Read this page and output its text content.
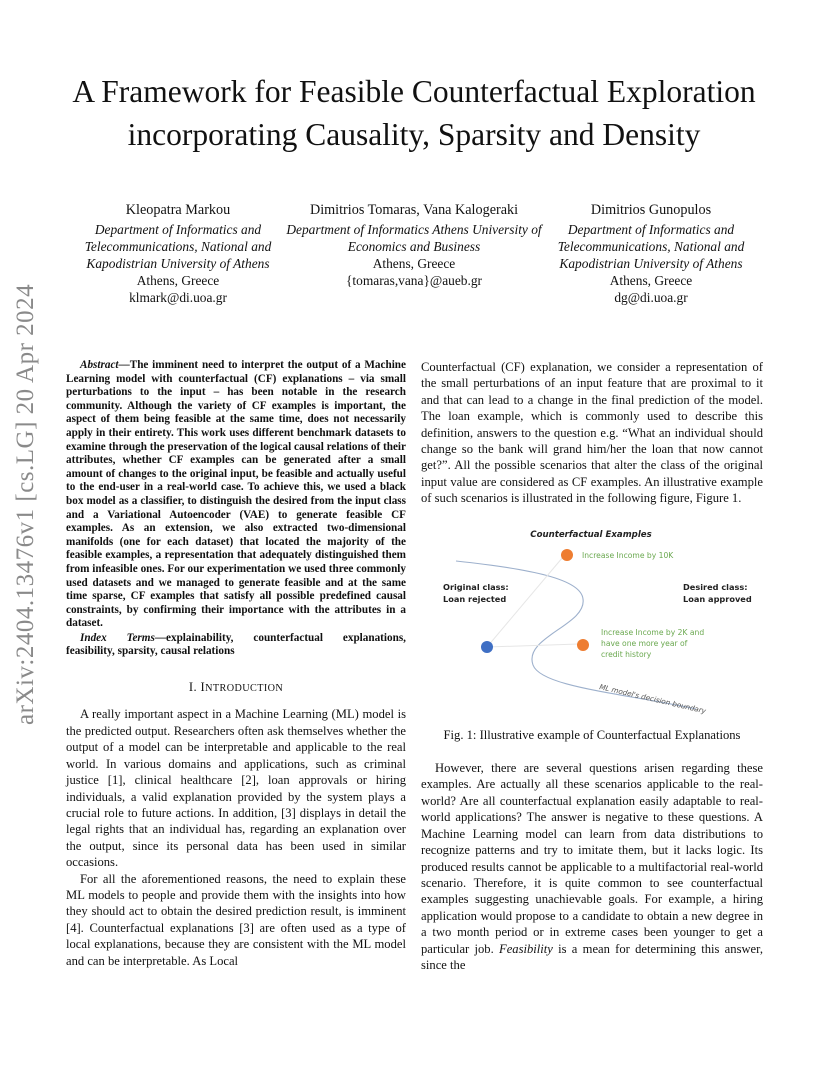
arXiv:2404.13476v1 [cs.LG] 20 Apr 2024
A Framework for Feasible Counterfactual Exploration incorporating Causality, Sparsity and Density
Kleopatra Markou
Department of Informatics and Telecommunications, National and Kapodistrian University of Athens
Athens, Greece
klmark@di.uoa.gr
Dimitrios Tomaras, Vana Kalogeraki
Department of Informatics Athens University of Economics and Business
Athens, Greece
{tomaras,vana}@aueb.gr
Dimitrios Gunopulos
Department of Informatics and Telecommunications, National and Kapodistrian University of Athens
Athens, Greece
dg@di.uoa.gr

Abstract—The imminent need to interpret the output of a Machine Learning model with counterfactual (CF) explanations – via small perturbations to the input – has been notable in the research community. Although the variety of CF examples is important, the aspect of them being feasible at the same time, does not necessarily apply in their entirety. This work uses different benchmark datasets to examine through the preservation of the logical causal relations of their attributes, whether CF examples can be generated after a small amount of changes to the original input, be feasible and actually useful to the end-user in a real-world case. To achieve this, we used a black box model as a classifier, to distinguish the desired from the input class and a Variational Autoencoder (VAE) to generate feasible CF examples. As an extension, we also extracted two-dimensional manifolds (one for each dataset) that located the majority of the feasible examples, a representation that adequately distinguished them from infeasible ones. For our experimentation we used three commonly used datasets and we managed to generate feasible and at the same time sparse, CF examples that satisfy all possible predefined causal constraints, by confirming their importance with the attributes in a dataset.

Index Terms—explainability, counterfactual explanations, feasibility, sparsity, causal relations

I. INTRODUCTION

A really important aspect in a Machine Learning (ML) model is the predicted output. Researchers often ask themselves whether the output of a model can be interpretable and applicable to the real world. In various domains and applications, such as criminal justice [1], clinical healthcare [2], loan approvals or hiring individuals, a valid explanation provided by the system plays a crucial role to future actions. In addition, [3] displays in detail the legal rights that an individual has, regarding an explanation over the output, since its personal data has been used in similar occasions.

For all the aforementioned reasons, the need to explain these ML models to people and provide them with the insights into how they should act to obtain the desired prediction result, is imminent [4]. Counterfactual explanations [3] are often used as a type of local explanations, because they are consistent with the ML model and can be interpretable. As Local

Counterfactual (CF) explanation, we consider a representation of the small perturbations of an input feature that are proximal to it and that can lead to a change in the final prediction of the model. The loan example, which is commonly used to describe this definition, answers to the question e.g. “What an individual should change so the bank will grand him/her the loan that now cannot get?”. All the possible scenarios that alter the class of the original input value are considered as CF examples. An illustrative example of such scenarios is illustrated in the following figure, Figure 1.

Counterfactual Examples
Original class:
Loan rejected
Desired class:
Loan approved
Increase Income by 10K
Increase Income by 2K and
have one more year of
credit history
ML model's decision boundary
Fig. 1: Illustrative example of Counterfactual Explanations

However, there are several questions arisen regarding these examples. Are actually all these scenarios applicable to the real-world? Are all counterfactual explanation easily adaptable to real-world applications? The answer is negative to these questions. A Machine Learning model can learn from data distributions to recognize patterns and try to imitate them, but it lacks logic. Its produced results cannot be applicable to a multifactorial real-world scenario. Therefore, it is quite common to see counterfactual examples suggesting unachievable goals. For example, a hiring application would propose to a candidate to obtain a new degree in a two month period or in extreme cases been younger to get a particular job. Feasibility is a mean for determining this answer, since the
